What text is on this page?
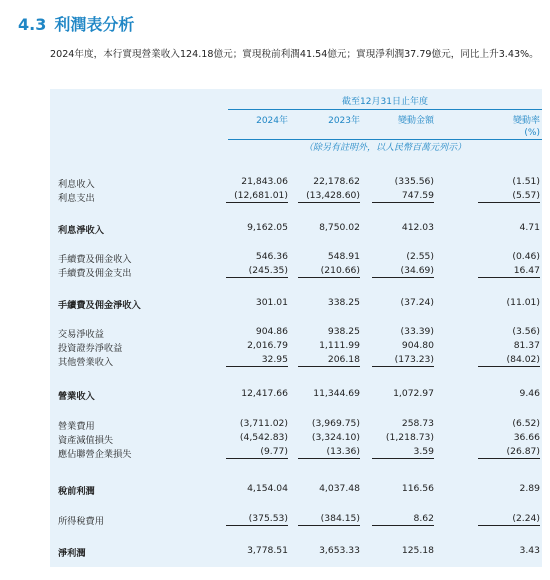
4.3 利潤表分析

2024年度，本行實現營業收入124.18億元；實現稅前利潤41.54億元；實現淨利潤37.79億元，同比上升3.43%。

截至12月31日止年度
2024年	2023年	變動金額	變動率
(%)
（除另有註明外，以人民幣百萬元列示）
利息收入	21,843.06	22,178.62	(335.56)	(1.51)
利息支出	(12,681.01)	(13,428.60)	747.59	(5.57)
利息淨收入	9,162.05	8,750.02	412.03	4.71
手續費及佣金收入	546.36	548.91	(2.55)	(0.46)
手續費及佣金支出	(245.35)	(210.66)	(34.69)	16.47
手續費及佣金淨收入	301.01	338.25	(37.24)	(11.01)
交易淨收益	904.86	938.25	(33.39)	(3.56)
投資證券淨收益	2,016.79	1,111.99	904.80	81.37
其他營業收入	32.95	206.18	(173.23)	(84.02)
營業收入	12,417.66	11,344.69	1,072.97	9.46
營業費用	(3,711.02)	(3,969.75)	258.73	(6.52)
資產減值損失	(4,542.83)	(3,324.10)	(1,218.73)	36.66
應佔聯營企業損失	(9.77)	(13.36)	3.59	(26.87)
稅前利潤	4,154.04	4,037.48	116.56	2.89
所得稅費用	(375.53)	(384.15)	8.62	(2.24)
淨利潤	3,778.51	3,653.33	125.18	3.43
